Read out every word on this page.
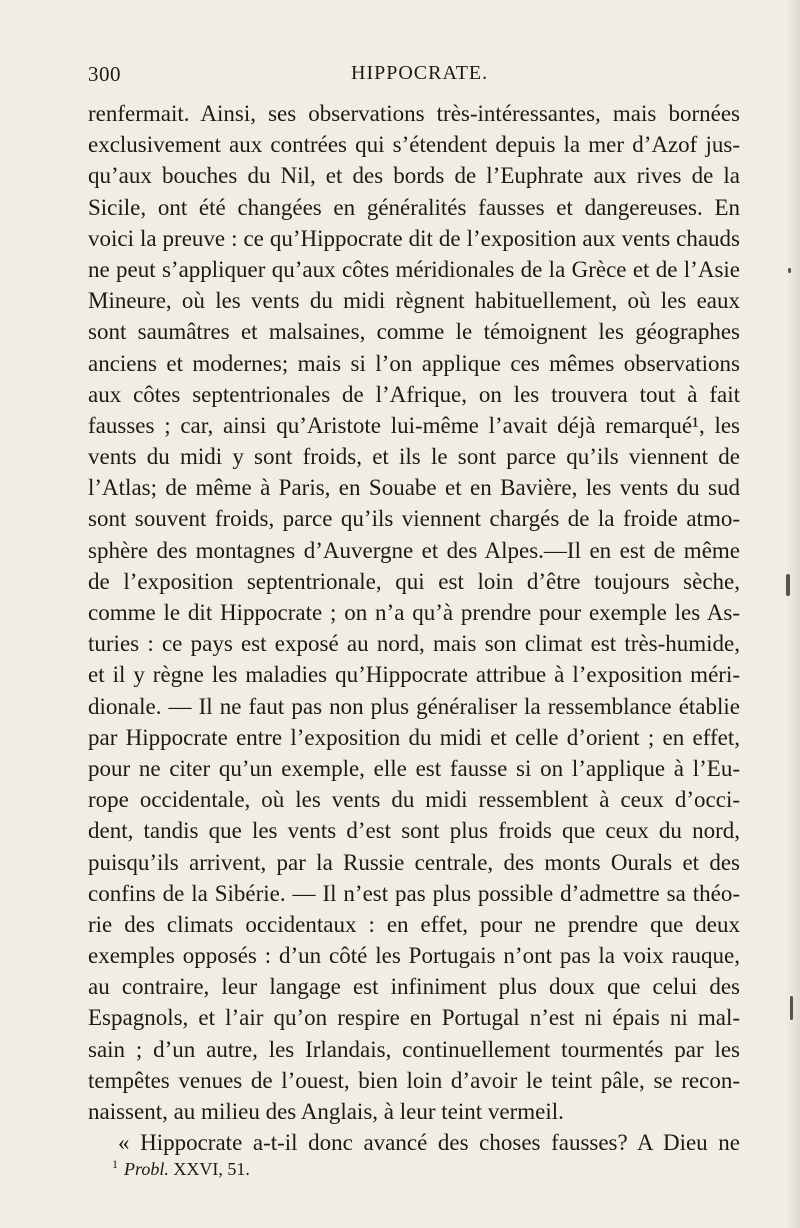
300	HIPPOCRATE.
renfermait. Ainsi, ses observations très-intéressantes, mais bornées
exclusivement aux contrées qui s’étendent depuis la mer d’Azof jus-
qu’aux bouches du Nil, et des bords de l’Euphrate aux rives de la
Sicile, ont été changées en généralités fausses et dangereuses. En
voici la preuve : ce qu’Hippocrate dit de l’exposition aux vents chauds
ne peut s’appliquer qu’aux côtes méridionales de la Grèce et de l’Asie
Mineure, où les vents du midi règnent habituellement, où les eaux
sont saumâtres et malsaines, comme le témoignent les géographes
anciens et modernes; mais si l’on applique ces mêmes observations
aux côtes septentrionales de l’Afrique, on les trouvera tout à fait
fausses ; car, ainsi qu’Aristote lui-même l’avait déjà remarqué¹, les
vents du midi y sont froids, et ils le sont parce qu’ils viennent de
l’Atlas; de même à Paris, en Souabe et en Bavière, les vents du sud
sont souvent froids, parce qu’ils viennent chargés de la froide atmo-
sphère des montagnes d’Auvergne et des Alpes.—Il en est de même
de l’exposition septentrionale, qui est loin d’être toujours sèche,
comme le dit Hippocrate ; on n’a qu’à prendre pour exemple les As-
turies : ce pays est exposé au nord, mais son climat est très-humide,
et il y règne les maladies qu’Hippocrate attribue à l’exposition méri-
dionale. — Il ne faut pas non plus généraliser la ressemblance établie
par Hippocrate entre l’exposition du midi et celle d’orient ; en effet,
pour ne citer qu’un exemple, elle est fausse si on l’applique à l’Eu-
rope occidentale, où les vents du midi ressemblent à ceux d’occi-
dent, tandis que les vents d’est sont plus froids que ceux du nord,
puisqu’ils arrivent, par la Russie centrale, des monts Ourals et des
confins de la Sibérie. — Il n’est pas plus possible d’admettre sa théo-
rie des climats occidentaux : en effet, pour ne prendre que deux
exemples opposés : d’un côté les Portugais n’ont pas la voix rauque,
au contraire, leur langage est infiniment plus doux que celui des
Espagnols, et l’air qu’on respire en Portugal n’est ni épais ni mal-
sain ; d’un autre, les Irlandais, continuellement tourmentés par les
tempêtes venues de l’ouest, bien loin d’avoir le teint pâle, se recon-
naissent, au milieu des Anglais, à leur teint vermeil.
« Hippocrate a-t-il donc avancé des choses fausses? A Dieu ne
$^1$ Probl. XXVI, 51.
